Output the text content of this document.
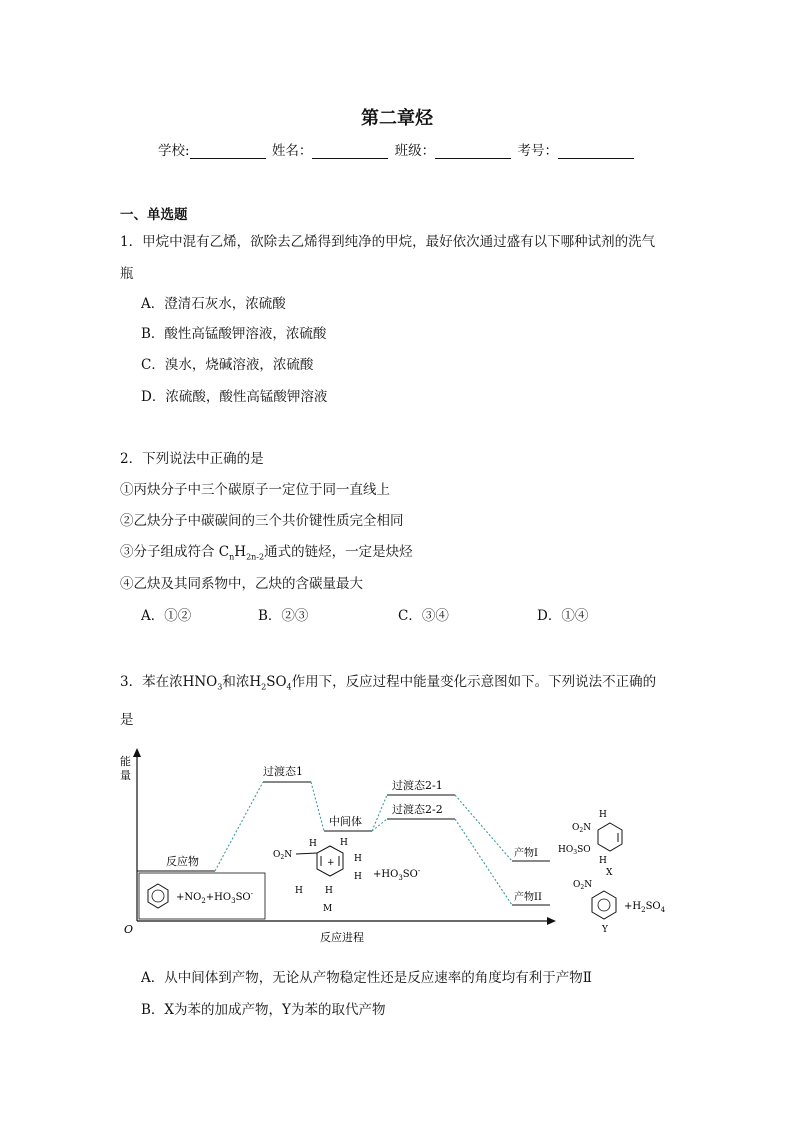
第二章烃
学校:	姓名：	班级：	考号：
一、单选题
1．甲烷中混有乙烯，欲除去乙烯得到纯净的甲烷，最好依次通过盛有以下哪种试剂的洗气
瓶
A．澄清石灰水，浓硫酸
B．酸性高锰酸钾溶液，浓硫酸
C．溴水，烧碱溶液，浓硫酸
D．浓硫酸，酸性高锰酸钾溶液
2．下列说法中正确的是
①丙炔分子中三个碳原子一定位于同一直线上
②乙炔分子中碳碳间的三个共价键性质完全相同
③分子组成符合 $C_nH_{2n-2}$通式的链烃，一定是炔烃
④乙炔及其同系物中，乙炔的含碳量最大
A．①②	B．②③	C．③④	D．①④
3．苯在浓$HNO_3$和浓$H_2SO_4$作用下，反应过程中能量变化示意图如下。下列说法不正确的
是
能
量
O
反应进程
反应物
过渡态1
中间体
过渡态2-1
过渡态2-2
产物I
产物II
$+NO_2+HO_3SO^-$
+
$O_2N$
H	H
H
H
H H
M
$+HO_3SO^-$
H
H
$O_2N$
$HO_3SO$
X
$O_2N$
Y
$+H_2SO_4$
A．从中间体到产物，无论从产物稳定性还是反应速率的角度均有利于产物Ⅱ
B．X为苯的加成产物，Y为苯的取代产物
